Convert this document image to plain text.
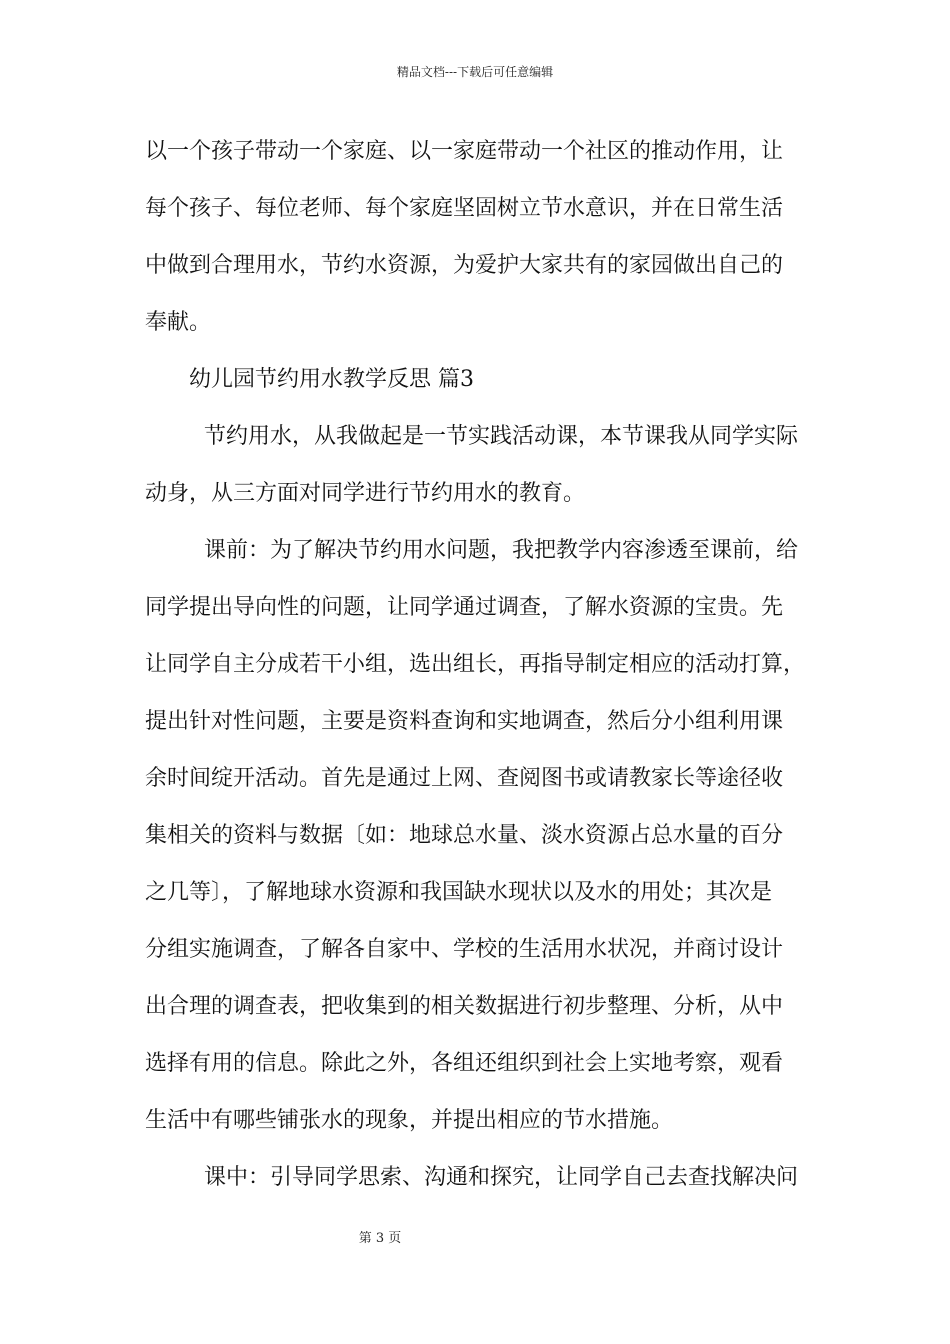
精品文档---下载后可任意编辑
以一个孩子带动一个家庭、以一家庭带动一个社区的推动作用，让
每个孩子、每位老师、每个家庭坚固树立节水意识，并在日常生活
中做到合理用水，节约水资源，为爱护大家共有的家园做出自己的
奉献。
幼儿园节约用水教学反思 篇3
节约用水，从我做起是一节实践活动课，本节课我从同学实际
动身，从三方面对同学进行节约用水的教育。
课前：为了解决节约用水问题，我把教学内容渗透至课前，给
同学提出导向性的问题，让同学通过调查，了解水资源的宝贵。先
让同学自主分成若干小组，选出组长，再指导制定相应的活动打算，
提出针对性问题，主要是资料查询和实地调查，然后分小组利用课
余时间绽开活动。首先是通过上网、查阅图书或请教家长等途径收
集相关的资料与数据〔如：地球总水量、淡水资源占总水量的百分
之几等〕，了解地球水资源和我国缺水现状以及水的用处；其次是
分组实施调查，了解各自家中、学校的生活用水状况，并商讨设计
出合理的调查表，把收集到的相关数据进行初步整理、分析，从中
选择有用的信息。除此之外，各组还组织到社会上实地考察，观看
生活中有哪些铺张水的现象，并提出相应的节水措施。
课中：引导同学思索、沟通和探究，让同学自己去查找解决问
第 3 页
